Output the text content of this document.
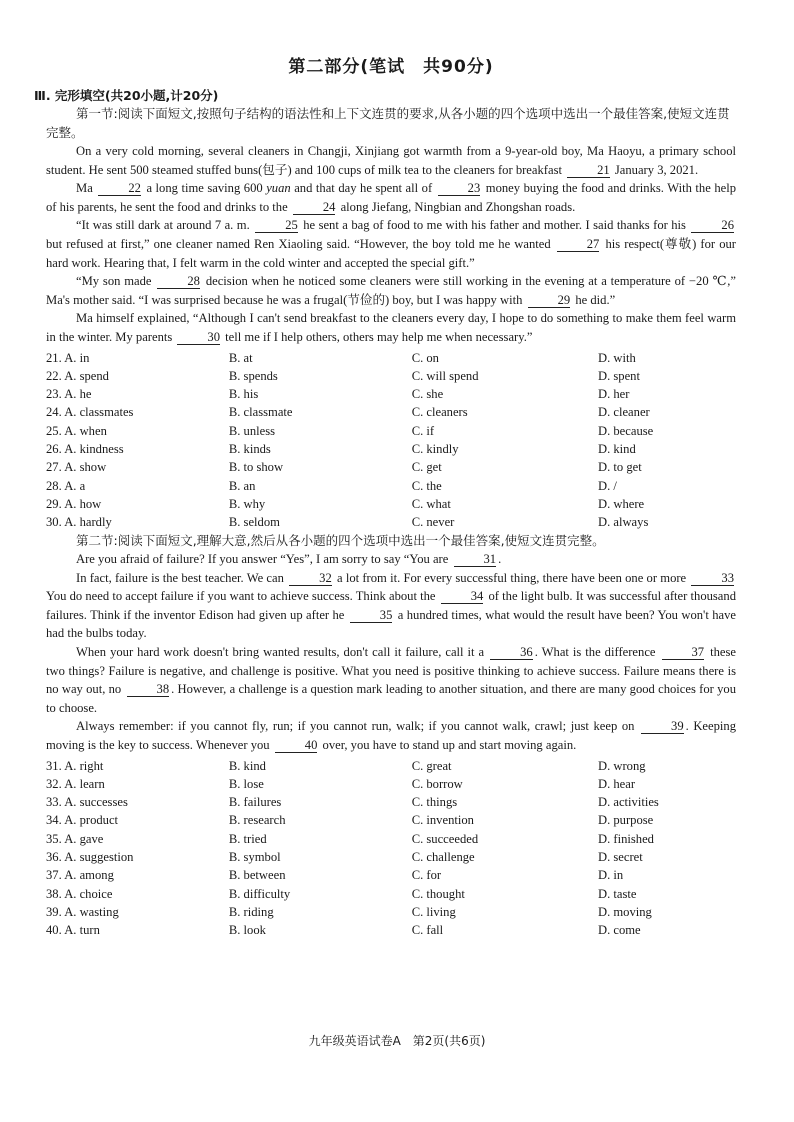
第二部分(笔试　共90分)
Ⅲ. 完形填空(共20小题,计20分)

第一节:阅读下面短文,按照句子结构的语法性和上下文连贯的要求,从各小题的四个选项中选出一个最佳答案,使短文连贯完整。

On a very cold morning, several cleaners in Changji, Xinjiang got warmth from a 9-year-old boy, Ma Haoyu, a primary school student. He sent 500 steamed stuffed buns(包子) and 100 cups of milk tea to the cleaners for breakfast	21 January 3, 2021.

Ma	22 a long time saving 600 yuan and that day he spent all of	23 money buying the food and drinks. With the help of his parents, he sent the food and drinks to the	24 along Jiefang, Ningbian and Zhongshan roads.

“It was still dark at around 7 a. m.	25 he sent a bag of food to me with his father and mother. I said thanks for his	26 but refused at first,” one cleaner named Ren Xiaoling said. “However, the boy told me he wanted	27 his respect(尊敬) for our hard work. Hearing that, I felt warm in the cold winter and accepted the special gift.”

“My son made	28 decision when he noticed some cleaners were still working in the evening at a temperature of −20 ℃,” Ma's mother said. “I was surprised because he was a frugal(节俭的) boy, but I was happy with	29 he did.”

Ma himself explained, “Although I can't send breakfast to the cleaners every day, I hope to do something to make them feel warm in the winter. My parents	30 tell me if I help others, others may help me when necessary.”

21. A. in	B. at	C. on	D. with
22. A. spend	B. spends	C. will spend	D. spent
23. A. he	B. his	C. she	D. her
24. A. classmates	B. classmate	C. cleaners	D. cleaner
25. A. when	B. unless	C. if	D. because
26. A. kindness	B. kinds	C. kindly	D. kind
27. A. show	B. to show	C. get	D. to get
28. A. a	B. an	C. the	D. /
29. A. how	B. why	C. what	D. where
30. A. hardly	B. seldom	C. never	D. always

第二节:阅读下面短文,理解大意,然后从各小题的四个选项中选出一个最佳答案,使短文连贯完整。

Are you afraid of failure? If you answer “Yes”, I am sorry to say “You are	31 .

In fact, failure is the best teacher. We can	32 a lot from it. For every successful thing, there have been one or more	33 You do need to accept failure if you want to achieve success. Think about the	34 of the light bulb. It was successful after thousand failures. Think if the inventor Edison had given up after he	35 a hundred times, what would the result have been? You won't have had the bulbs today.

When your hard work doesn't bring wanted results, don't call it failure, call it a	36 . What is the difference	37 these two things? Failure is negative, and challenge is positive. What you need is positive thinking to achieve success. Failure means there is no way out, no	38 . However, a challenge is a question mark leading to another situation, and there are many good choices for you to choose.

Always remember: if you cannot fly, run; if you cannot run, walk; if you cannot walk, crawl; just keep on	39 . Keeping moving is the key to success. Whenever you	40 over, you have to stand up and start moving again.

31. A. right	B. kind	C. great	D. wrong
32. A. learn	B. lose	C. borrow	D. hear
33. A. successes	B. failures	C. things	D. activities
34. A. product	B. research	C. invention	D. purpose
35. A. gave	B. tried	C. succeeded	D. finished
36. A. suggestion	B. symbol	C. challenge	D. secret
37. A. among	B. between	C. for	D. in
38. A. choice	B. difficulty	C. thought	D. taste
39. A. wasting	B. riding	C. living	D. moving
40. A. turn	B. look	C. fall	D. come
九年级英语试卷A　第2页(共6页)
